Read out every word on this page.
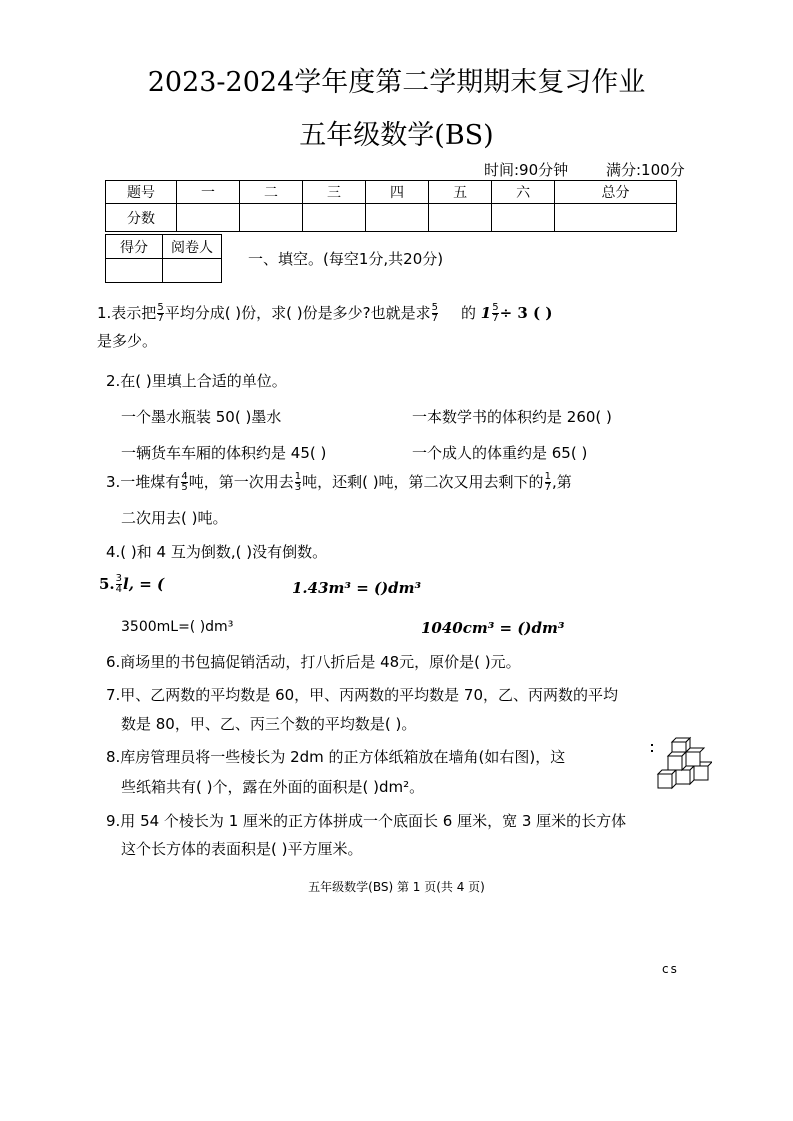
2023-2024学年度第二学期期末复习作业
五年级数学(BS)
时间:90分钟	满分:100分
题号	一	二	三	四	五	六	总分
分数							
得分	阅卷人

一、填空。(每空1分,共20分)
1.表示把 $\frac{5}{7}$ 平均分成( )份，求( )份是多少?也就是求 $\frac{5}{7}$ 的 $1 \frac{5}{7} \div 3$ ( )
是多少。
2.在( )里填上合适的单位。
一个墨水瓶装 50( )墨水	一本数学书的体积约是 260( )
一辆货车车厢的体积约是 45( )	一个成人的体重约是 65( )
3.一堆煤有 $\frac{4}{5}$ 吨，第一次用去 $\frac{1}{3}$ 吨，还剩( )吨，第二次又用去剩下的 $\frac{1}{7}$ ,第
二次用去( )吨。
4.( )和 4 互为倒数,( )没有倒数。
5. $\frac{3}{4} l$, = (	1.43m³ = ()dm³
3500mL=( )dm³	1040cm³ = ()dm³
6.商场里的书包搞促销活动，打八折后是 48元，原价是( )元。
7.甲、乙两数的平均数是 60，甲、丙两数的平均数是 70，乙、丙两数的平均
数是 80，甲、乙、丙三个数的平均数是( )。
8.库房管理员将一些棱长为 2dm 的正方体纸箱放在墙角(如右图)，这
些纸箱共有( )个，露在外面的面积是( )dm²。
9.用 54 个棱长为 1 厘米的正方体拼成一个底面长 6 厘米，宽 3 厘米的长方体
这个长方体的表面积是( )平方厘米。
五年级数学(BS) 第 1 页(共 4 页)
cs
